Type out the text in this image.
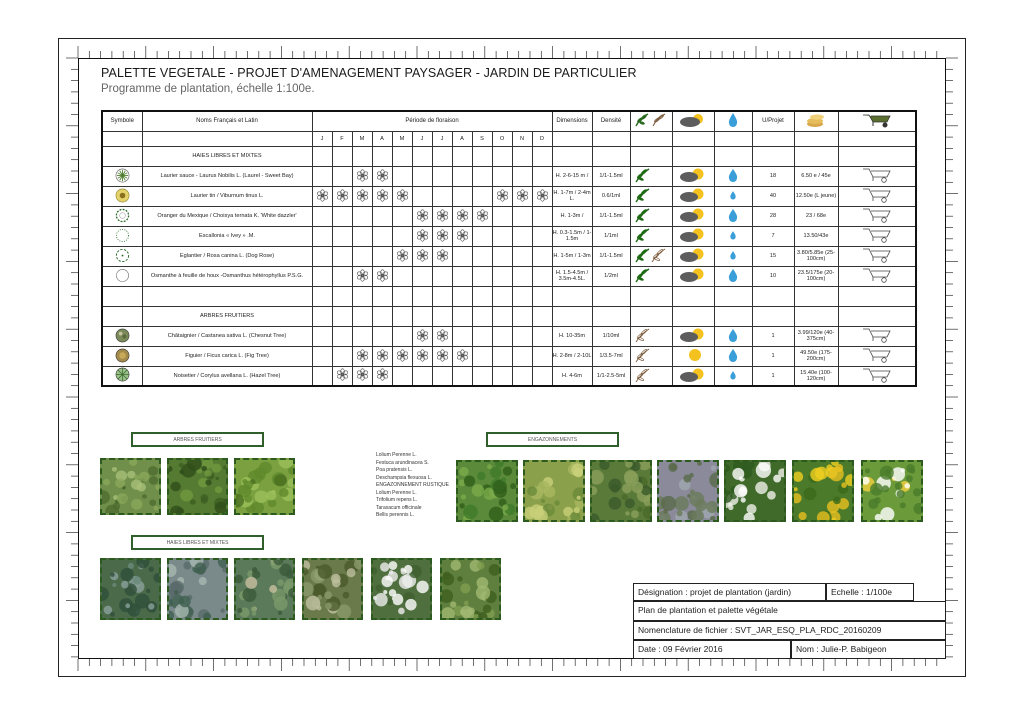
PALETTE VEGETALE - PROJET D'AMENAGEMENT PAYSAGER - JARDIN DE PARTICULIER
Programme de plantation, échelle 1:100e.
Symbole	Noms Français et Latin	Période de floraison												Dimensions	Densité				U/Projet		
		J	F	M	A	M	J	J	A	S	O	N	D								
	HAIES LIBRES ET MIXTES																				
	Laurier sauce - Laurus Nobilis L. (Laurel - Sweet Bay)													H. 2-6-15 m /	1/1-1.5ml				18	6.50 e / 45e	
	Laurier tin / Viburnum tinus L.													H. 1-7m / 2-4m L.	0.6/1ml				40	12.50e (L jeune)	
	Oranger du Mexique / Choisya ternata K. 'White dazzler'													H. 1-3m /	1/1-1.5ml				28	23 / 68e	
	Escallonia « Ivey » .M.													H. 0.3-1.5m / 1-1.5m	1/1ml				7	13.50/43e	
	Eglantier / Rosa canina L. (Dog Rose)													H. 1-5m / 1-3m	1/1-1.5ml				15	3.80/5.85e (25-100cm)	
	Osmanthe à feuille de houx -Osmanthus hétérophyllus P.S.G.													H. 1.5-4.5m / 3.5m-4.5L.	1/2ml				10	23.5/175e (20-100cm)	

	ARBRES FRUITIERS																				
	Châtaignier / Castanea sativa L. (Chesnut Tree)													H. 10-35m	1/10ml				1	3.99/120e (40-375cm)	
	Figuier / Ficus carica L. (Fig Tree)													H. 2-8m / 2-10L	1/3.5-7ml				1	49.50e (175-200cm)	
	Noisetier / Corylus avellana L. (Hazel Tree)													H. 4-6m	1/1-2.5-5ml				1	15.40e (100-120cm)	
ARBRES FRUITIERS
HAIES LIBRES ET MIXTES
ENGAZONNEMENTS
Lolium Perenne L.
Festuca arundinacea S.
Poa pratensis L.
Deschampsia flexuosa L.
ENGAZONNEMENT RUSTIQUE
Lolium Perenne L.
Trifolium repens L.
Taraxacum officinale
Bellis perennis L.
Désignation : projet de plantation (jardin)	Echelle : 1/100e
Plan de plantation et palette végétale
Nomenclature de fichier : SVT_JAR_ESQ_PLA_RDC_20160209
Date : 09 Février 2016	Nom : Julie-P. Babigeon
